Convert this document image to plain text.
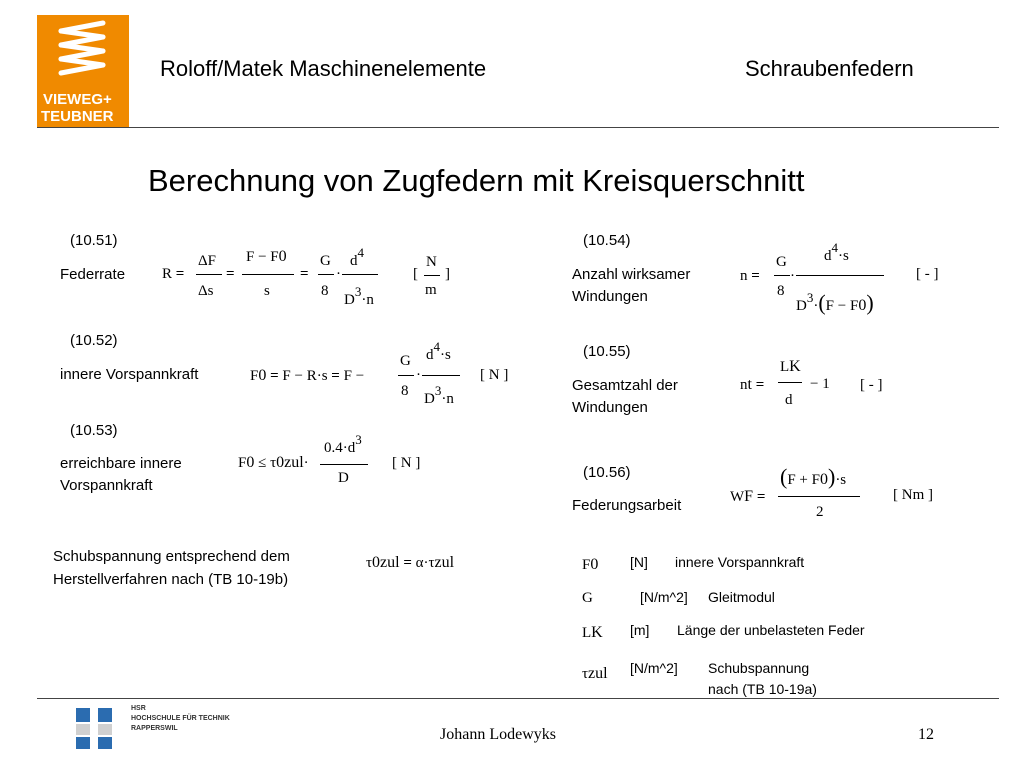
VIEWEG+
TEUBNER
Roloff/Matek Maschinenelemente	Schraubenfedern
Berechnung von Zugfedern mit Kreisquerschnitt
(10.51)
Federrate R =
ΔF
Δs
=
F − F0
s
=
G
8
·
d4
D3·n
[
N
m
]
(10.52)
innere Vorspannkraft	F0 = F − R·s = F −
G
8
·
d4·s
D3·n
[ N ]
(10.53)
erreichbare innere
Vorspannkraft
F0 ≤ τ0zul·
0.4·d3
D
[ N ]
Schubspannung entsprechend dem
Herstellverfahren nach (TB 10-19b)
τ0zul = α·τzul
(10.54)
Anzahl wirksamer
Windungen
n =
G
8
·
d4·s
D3·(F − F0)
[ - ]
(10.55)
Gesamtzahl der
Windungen
nt =
LK
d
− 1 [ - ]
(10.56)
Federungsarbeit	WF =
(F + F0)·s
2
[ Nm ]
F0 [N] innere Vorspannkraft
G	[N/m^2] Gleitmodul
LK [m] Länge der unbelasteten Feder
τzul [N/m^2] Schubspannung
nach (TB 10-19a)
HSR
HOCHSCHULE FÜR TECHNIK
RAPPERSWIL	Johann Lodewyks	12
